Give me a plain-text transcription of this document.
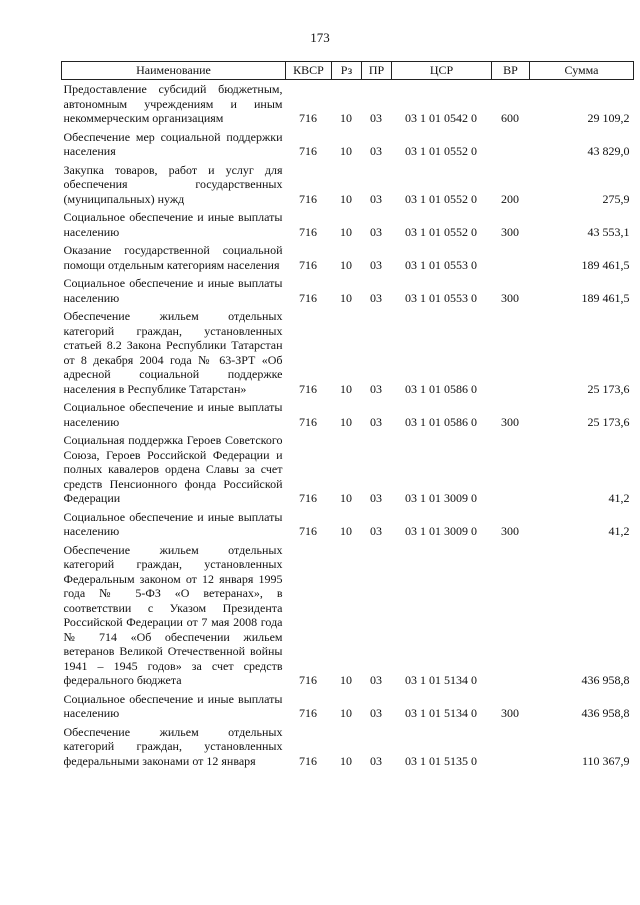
173
Наименование	КВСР	Рз	ПР	ЦСР	ВР	Сумма
Предоставление субсидий бюджетным, автономным учреждениям и иным некоммерческим организациям	716	10	03	03 1 01 0542 0	600	29 109,2
Обеспечение мер социальной поддержки населения	716	10	03	03 1 01 0552 0		43 829,0
Закупка товаров, работ и услуг для обеспечения государственных (муниципальных) нужд	716	10	03	03 1 01 0552 0	200	275,9
Социальное обеспечение и иные выплаты населению	716	10	03	03 1 01 0552 0	300	43 553,1
Оказание государственной социальной помощи отдельным категориям населения	716	10	03	03 1 01 0553 0		189 461,5
Социальное обеспечение и иные выплаты населению	716	10	03	03 1 01 0553 0	300	189 461,5
Обеспечение жильем отдельных категорий граждан, установленных статьей 8.2 Закона Республики Татарстан от 8 декабря 2004 года № 63-ЗРТ «Об адресной социальной поддержке населения в Республике Татарстан»	716	10	03	03 1 01 0586 0		25 173,6
Социальное обеспечение и иные выплаты населению	716	10	03	03 1 01 0586 0	300	25 173,6
Социальная поддержка Героев Советского Союза, Героев Российской Федерации и полных кавалеров ордена Славы за счет средств Пенсионного фонда Российской Федерации	716	10	03	03 1 01 3009 0		41,2
Социальное обеспечение и иные выплаты населению	716	10	03	03 1 01 3009 0	300	41,2
Обеспечение жильем отдельных категорий граждан, установленных Федеральным законом от 12 января 1995 года № 5-ФЗ «О ветеранах», в соответствии с Указом Президента Российской Федерации от 7 мая 2008 года № 714 «Об обеспечении жильем ветеранов Великой Отечественной войны 1941 – 1945 годов» за счет средств федерального бюджета	716	10	03	03 1 01 5134 0		436 958,8
Социальное обеспечение и иные выплаты населению	716	10	03	03 1 01 5134 0	300	436 958,8
Обеспечение жильем отдельных категорий граждан, установленных федеральными законами от 12 января	716	10	03	03 1 01 5135 0		110 367,9
